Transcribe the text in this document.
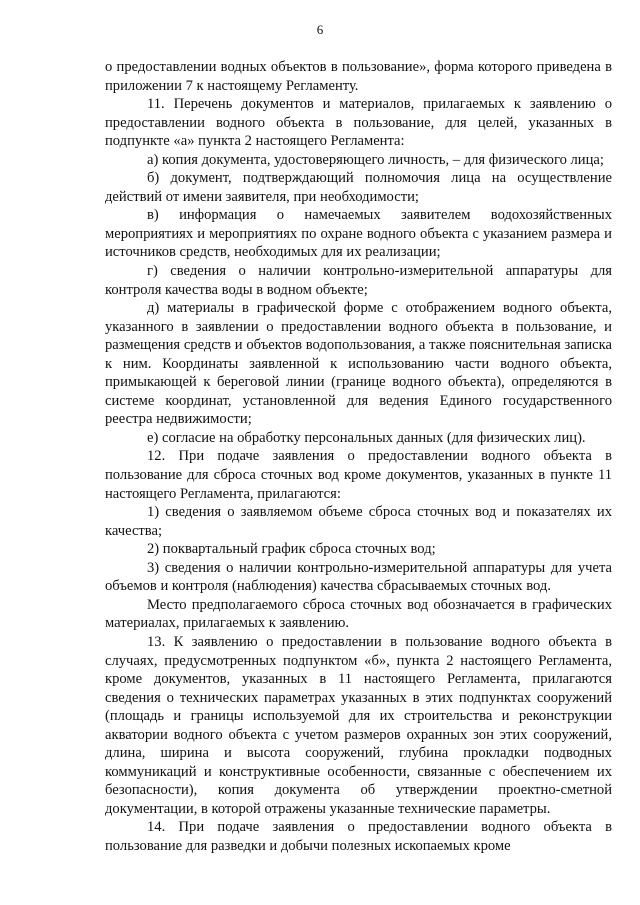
6

о предоставлении водных объектов в пользование», форма которого приведена в приложении 7 к настоящему Регламенту.

11. Перечень документов и материалов, прилагаемых к заявлению о предоставлении водного объекта в пользование, для целей, указанных в подпункте «а» пункта 2 настоящего Регламента:

а) копия документа, удостоверяющего личность, – для физического лица;

б) документ, подтверждающий полномочия лица на осуществление действий от имени заявителя, при необходимости;

в) информация о намечаемых заявителем водохозяйственных мероприятиях и мероприятиях по охране водного объекта с указанием размера и источников средств, необходимых для их реализации;

г) сведения о наличии контрольно-измерительной аппаратуры для контроля качества воды в водном объекте;

д) материалы в графической форме с отображением водного объекта, указанного в заявлении о предоставлении водного объекта в пользование, и размещения средств и объектов водопользования, а также пояснительная записка к ним. Координаты заявленной к использованию части водного объекта, примыкающей к береговой линии (границе водного объекта), определяются в системе координат, установленной для ведения Единого государственного реестра недвижимости;

е) согласие на обработку персональных данных (для физических лиц).

12. При подаче заявления о предоставлении водного объекта в пользование для сброса сточных вод кроме документов, указанных в пункте 11 настоящего Регламента, прилагаются:

1) сведения о заявляемом объеме сброса сточных вод и показателях их качества;

2) поквартальный график сброса сточных вод;

3) сведения о наличии контрольно-измерительной аппаратуры для учета объемов и контроля (наблюдения) качества сбрасываемых сточных вод.

Место предполагаемого сброса сточных вод обозначается в графических материалах, прилагаемых к заявлению.

13. К заявлению о предоставлении в пользование водного объекта в случаях, предусмотренных подпунктом «б», пункта 2 настоящего Регламента, кроме документов, указанных в 11 настоящего Регламента, прилагаются сведения о технических параметрах указанных в этих подпунктах сооружений (площадь и границы используемой для их строительства и реконструкции акватории водного объекта с учетом размеров охранных зон этих сооружений, длина, ширина и высота сооружений, глубина прокладки подводных коммуникаций и конструктивные особенности, связанные с обеспечением их безопасности), копия документа об утверждении проектно-сметной документации, в которой отражены указанные технические параметры.

14. При подаче заявления о предоставлении водного объекта в пользование для разведки и добычи полезных ископаемых кроме
